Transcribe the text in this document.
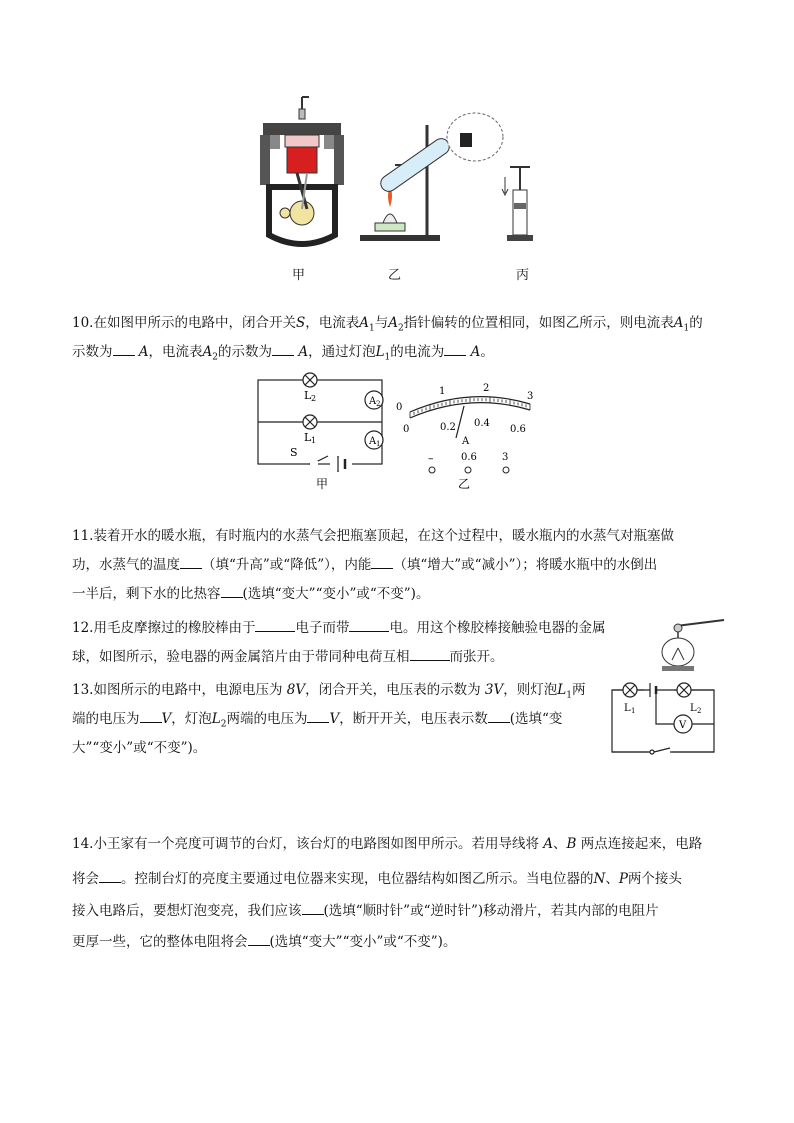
甲	乙	丙
10.在如图甲所示的电路中，闭合开关S，电流表$A_1$与$A_2$指针偏转的位置相同，如图乙所示，则电流表$A_1$的
示数为 A，电流表$A_2$的示数为 A，通过灯泡$L_1$的电流为 A。
L 2
L 1
A 2
A 1
S
甲
0
1	2
3
0	0.2 0.4
0.6
A
–	0.6	3
乙
11.装着开水的暖水瓶，有时瓶内的水蒸气会把瓶塞顶起，在这个过程中，暖水瓶内的水蒸气对瓶塞做
功，水蒸气的温度 （填“升高”或“降低”），内能 （填“增大”或“减小”）；将暖水瓶中的水倒出
一半后，剩下水的比热容 (选填“变大”“变小”或“不变”)。
12.用毛皮摩擦过的橡胶棒由于	电子而带	电。用这个橡胶棒接触验电器的金属
球，如图所示，验电器的两金属箔片由于带同种电荷互相	而张开。
13.如图所示的电路中，电源电压为 8V，闭合开关，电压表的示数为 3V，则灯泡$L_1$两
端的电压为 V，灯泡$L_2$两端的电压为 V，断开开关，电压表示数 (选填“变
大”“变小”或“不变”)。
L 1	L 2
V
14.小王家有一个亮度可调节的台灯，该台灯的电路图如图甲所示。若用导线将 A、B 两点连接起来，电路
将会 。控制台灯的亮度主要通过电位器来实现，电位器结构如图乙所示。当电位器的N、P两个接头
接入电路后，要想灯泡变亮，我们应该 (选填“顺时针”或“逆时针”)移动滑片，若其内部的电阻片
更厚一些，它的整体电阻将会 (选填“变大”“变小”或“不变”)。
